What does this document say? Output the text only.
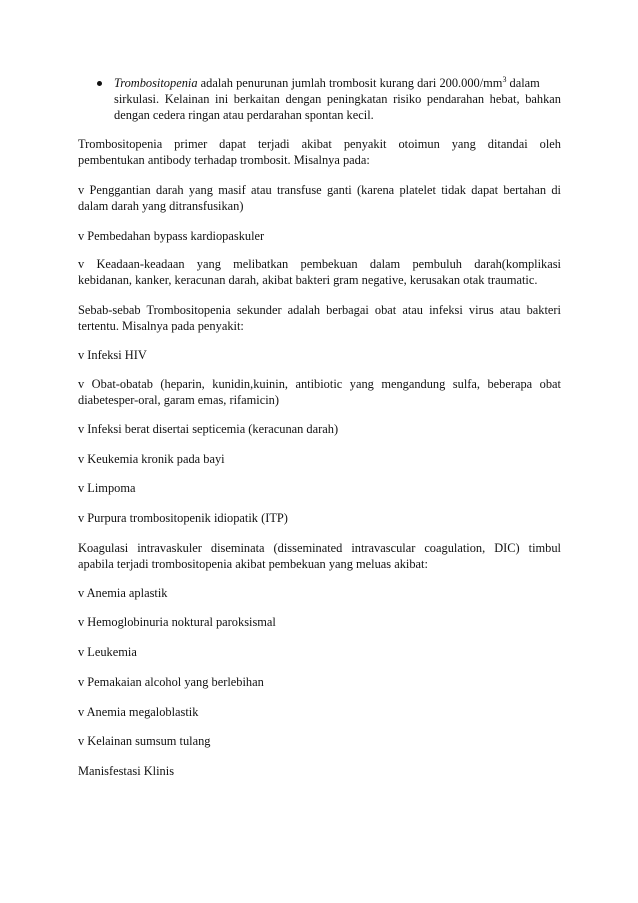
Trombositopenia adalah penurunan jumlah trombosit kurang dari $200.000/mm^3$ dalam
sirkulasi. Kelainan ini berkaitan dengan peningkatan risiko pendarahan hebat, bahkan
dengan cedera ringan atau perdarahan spontan kecil.
Trombositopenia primer dapat terjadi akibat penyakit otoimun yang ditandai oleh
pembentukan antibody terhadap trombosit. Misalnya pada:
v Penggantian darah yang masif atau transfuse ganti (karena platelet tidak dapat bertahan di
dalam darah yang ditransfusikan)
v Pembedahan bypass kardiopaskuler
v Keadaan-keadaan yang melibatkan pembekuan dalam pembuluh darah(komplikasi
kebidanan, kanker, keracunan darah, akibat bakteri gram negative, kerusakan otak traumatic.
Sebab-sebab Trombositopenia sekunder adalah berbagai obat atau infeksi virus atau bakteri
tertentu. Misalnya pada penyakit:
v Infeksi HIV
v Obat-obatab (heparin, kunidin,kuinin, antibiotic yang mengandung sulfa, beberapa obat
diabetesper-oral, garam emas, rifamicin)
v Infeksi berat disertai septicemia (keracunan darah)
v Keukemia kronik pada bayi
v Limpoma
v Purpura trombositopenik idiopatik (ITP)
Koagulasi intravaskuler diseminata (disseminated intravascular coagulation, DIC) timbul
apabila terjadi trombositopenia akibat pembekuan yang meluas akibat:
v Anemia aplastik
v Hemoglobinuria noktural paroksismal
v Leukemia
v Pemakaian alcohol yang berlebihan
v Anemia megaloblastik
v Kelainan sumsum tulang
Manisfestasi Klinis
